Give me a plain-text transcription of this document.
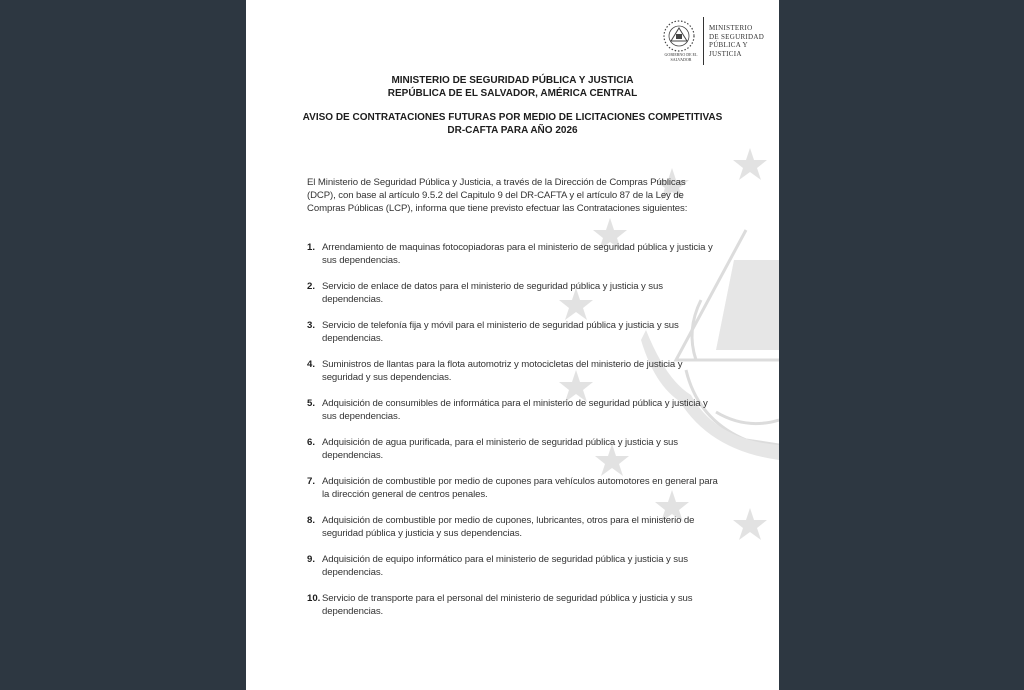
GOBIERNO DE EL SALVADOR
MINISTERIO
DE SEGURIDAD
PÚBLICA Y
JUSTICIA
MINISTERIO DE SEGURIDAD PÚBLICA Y JUSTICIA
REPÚBLICA DE EL SALVADOR, AMÉRICA CENTRAL
AVISO DE CONTRATACIONES FUTURAS POR MEDIO DE LICITACIONES COMPETITIVAS
DR-CAFTA PARA AÑO 2026
El Ministerio de Seguridad Pública y Justicia, a través de la Dirección de Compras Públicas (DCP), con base al artículo 9.5.2 del Capitulo 9 del DR-CAFTA y el artículo 87 de la Ley de Compras Públicas (LCP), informa que tiene previsto efectuar las Contrataciones siguientes:
1. Arrendamiento de maquinas fotocopiadoras para el ministerio de seguridad pública y justicia y sus dependencias.
2. Servicio de enlace de datos para el ministerio de seguridad pública y justicia y sus dependencias.
3. Servicio de telefonía fija y móvil para el ministerio de seguridad pública y justicia y sus dependencias.
4. Suministros de llantas para la flota automotriz y motocicletas del ministerio de justicia y seguridad y sus dependencias.
5. Adquisición de consumibles de informática para el ministerio de seguridad pública y justicia y sus dependencias.
6. Adquisición de agua purificada, para el ministerio de seguridad pública y justicia y sus dependencias.
7. Adquisición de combustible por medio de cupones para vehículos automotores en general para la dirección general de centros penales.
8. Adquisición de combustible por medio de cupones, lubricantes, otros para el ministerio de seguridad pública y justicia y sus dependencias.
9. Adquisición de equipo informático para el ministerio de seguridad pública y justicia y sus dependencias.
10. Servicio de transporte para el personal del ministerio de seguridad pública y justicia y sus dependencias.
